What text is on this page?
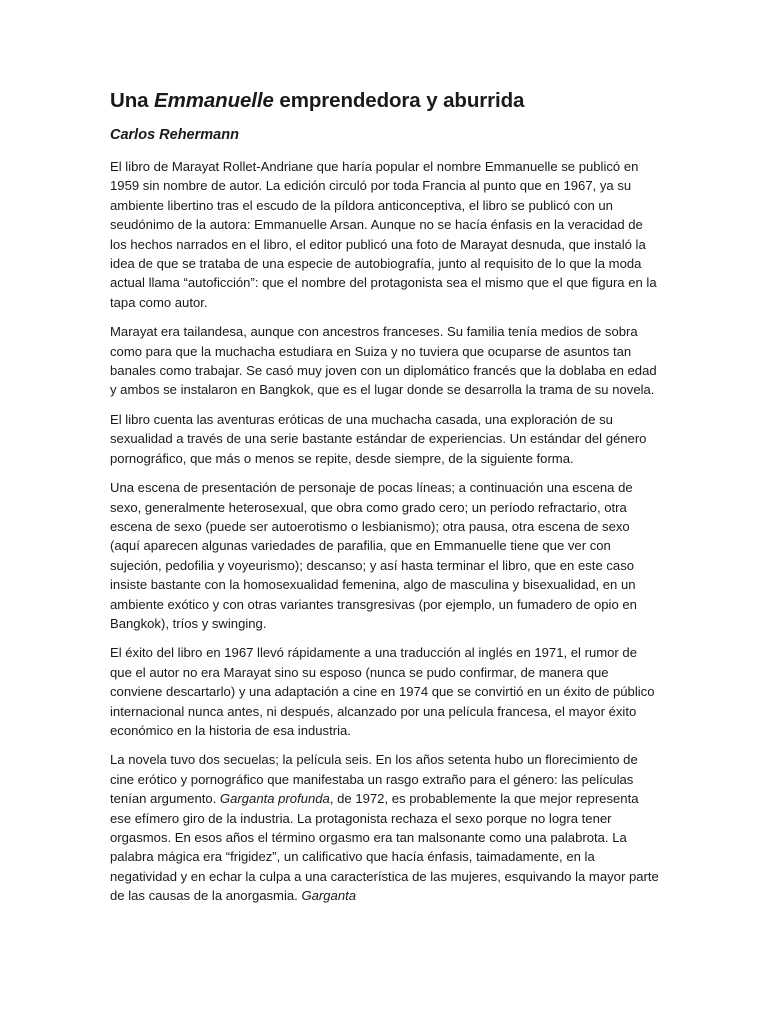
Una Emmanuelle emprendedora y aburrida

Carlos Rehermann

El libro de Marayat Rollet-Andriane que haría popular el nombre Emmanuelle se publicó en 1959 sin nombre de autor. La edición circuló por toda Francia al punto que en 1967, ya su ambiente libertino tras el escudo de la píldora anticonceptiva, el libro se publicó con un seudónimo de la autora: Emmanuelle Arsan. Aunque no se hacía énfasis en la veracidad de los hechos narrados en el libro, el editor publicó una foto de Marayat desnuda, que instaló la idea de que se trataba de una especie de autobiografía, junto al requisito de lo que la moda actual llama “autoficción”: que el nombre del protagonista sea el mismo que el que figura en la tapa como autor.

Marayat era tailandesa, aunque con ancestros franceses. Su familia tenía medios de sobra como para que la muchacha estudiara en Suiza y no tuviera que ocuparse de asuntos tan banales como trabajar. Se casó muy joven con un diplomático francés que la doblaba en edad y ambos se instalaron en Bangkok, que es el lugar donde se desarrolla la trama de su novela.

El libro cuenta las aventuras eróticas de una muchacha casada, una exploración de su sexualidad a través de una serie bastante estándar de experiencias. Un estándar del género pornográfico, que más o menos se repite, desde siempre, de la siguiente forma.

Una escena de presentación de personaje de pocas líneas; a continuación una escena de sexo, generalmente heterosexual, que obra como grado cero; un período refractario, otra escena de sexo (puede ser autoerotismo o lesbianismo); otra pausa, otra escena de sexo (aquí aparecen algunas variedades de parafilia, que en Emmanuelle tiene que ver con sujeción, pedofilia y voyeurismo); descanso; y así hasta terminar el libro, que en este caso insiste bastante con la homosexualidad femenina, algo de masculina y bisexualidad, en un ambiente exótico y con otras variantes transgresivas (por ejemplo, un fumadero de opio en Bangkok), tríos y swinging.

El éxito del libro en 1967 llevó rápidamente a una traducción al inglés en 1971, el rumor de que el autor no era Marayat sino su esposo (nunca se pudo confirmar, de manera que conviene descartarlo) y una adaptación a cine en 1974 que se convirtió en un éxito de público internacional nunca antes, ni después, alcanzado por una película francesa, el mayor éxito económico en la historia de esa industria.

La novela tuvo dos secuelas; la película seis. En los años setenta hubo un florecimiento de cine erótico y pornográfico que manifestaba un rasgo extraño para el género: las películas tenían argumento. Garganta profunda, de 1972, es probablemente la que mejor representa ese efímero giro de la industria. La protagonista rechaza el sexo porque no logra tener orgasmos. En esos años el término orgasmo era tan malsonante como una palabrota. La palabra mágica era “frigidez”, un calificativo que hacía énfasis, taimadamente, en la negatividad y en echar la culpa a una característica de las mujeres, esquivando la mayor parte de las causas de la anorgasmia. Garganta
